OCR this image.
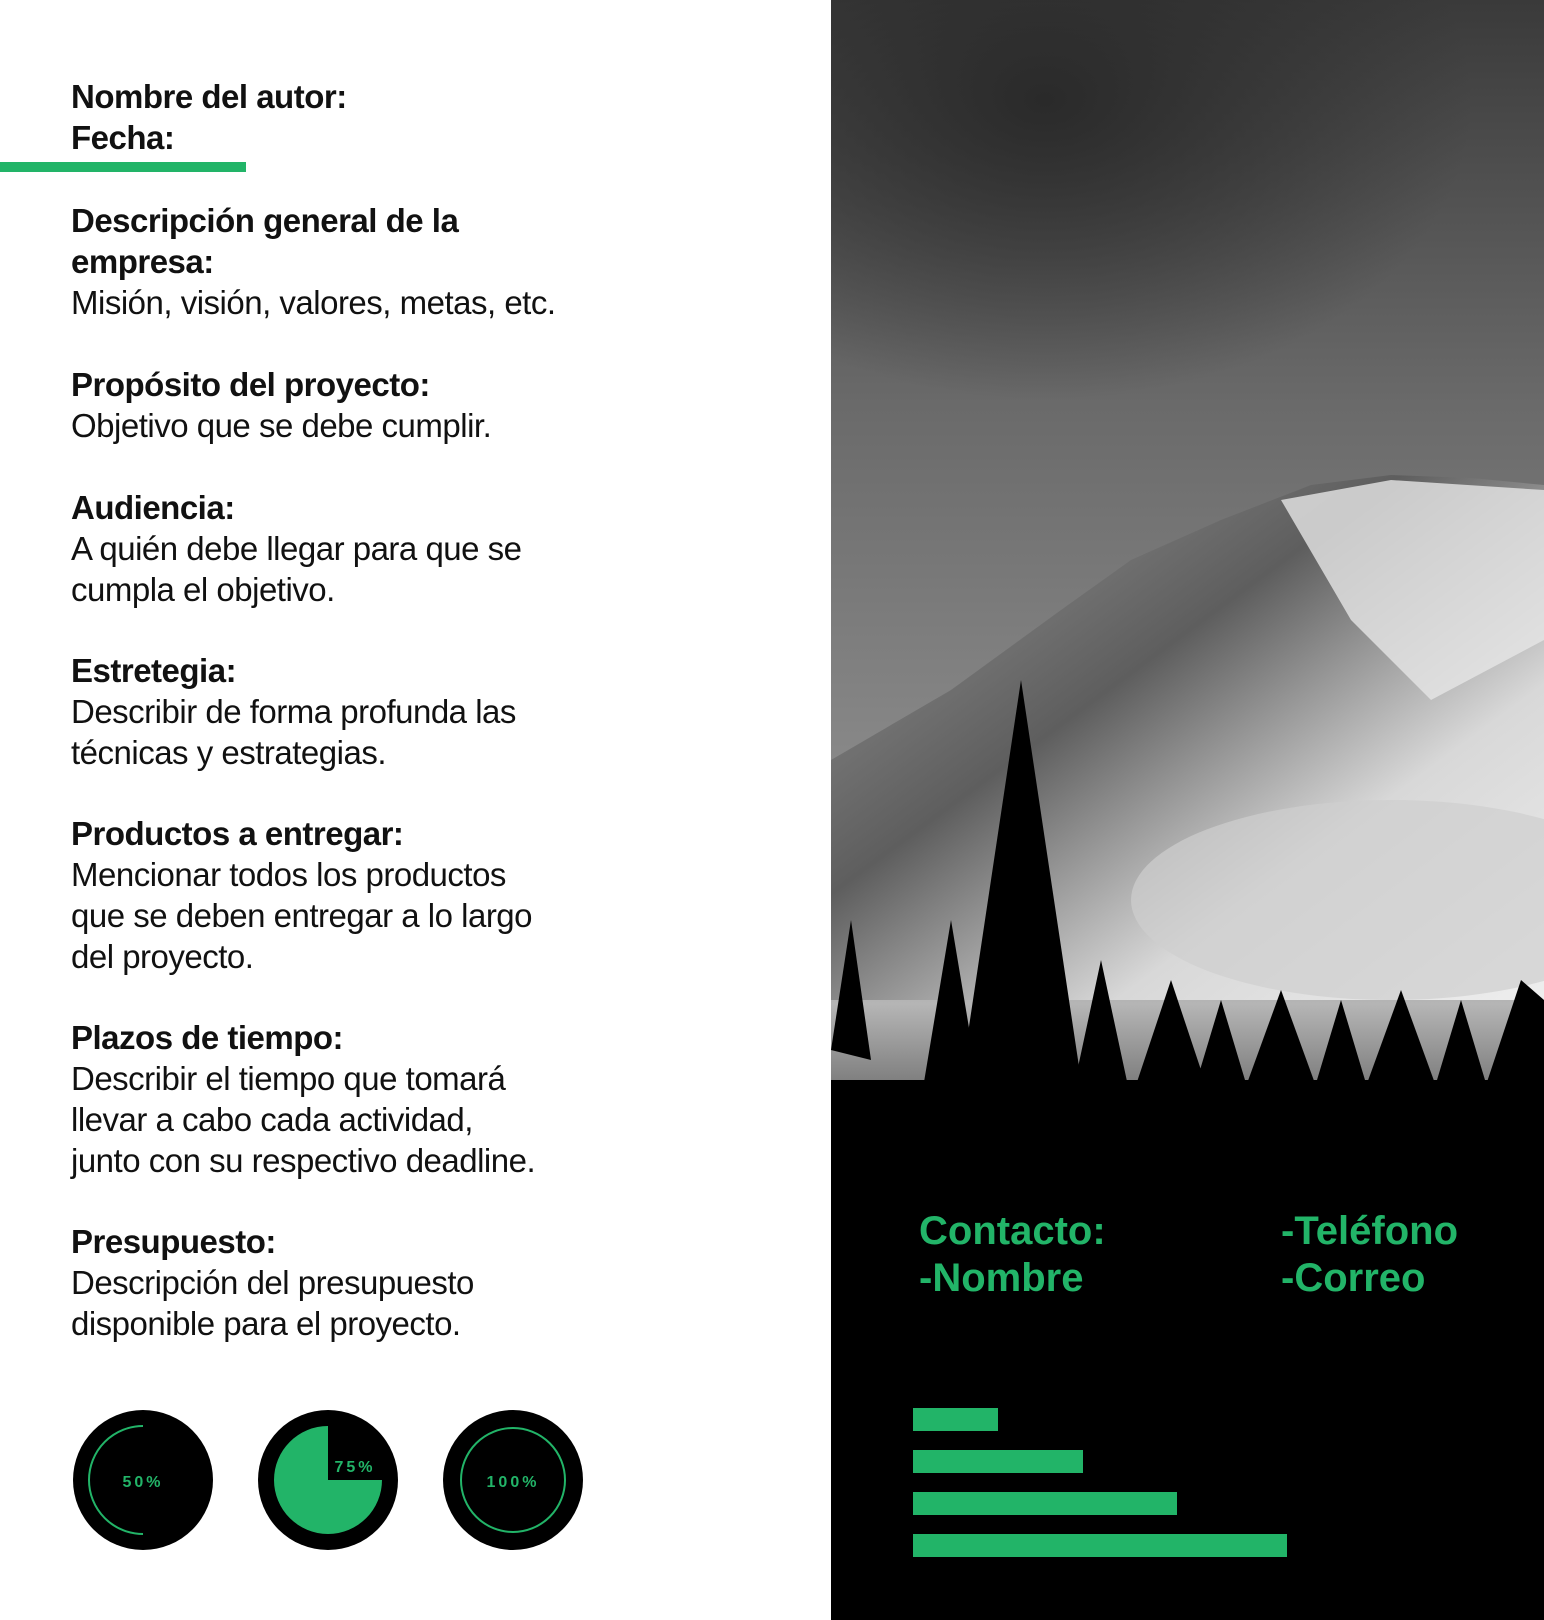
Nombre del autor:
Fecha:
Descripción general de la
empresa:
Misión, visión, valores, metas, etc.
Propósito del proyecto:
Objetivo que se debe cumplir.
Audiencia:
A quién debe llegar para que se
cumpla el objetivo.
Estretegia:
Describir de forma profunda las
técnicas y estrategias.
Productos a entregar:
Mencionar todos los productos
que se deben entregar a lo largo
del proyecto.
Plazos de tiempo:
Describir el tiempo que tomará
llevar a cabo cada actividad,
junto con su respectivo deadline.
Presupuesto:
Descripción del presupuesto
disponible para el proyecto.
50%
75%
100%
Contacto:
-Nombre
-Teléfono
-Correo
